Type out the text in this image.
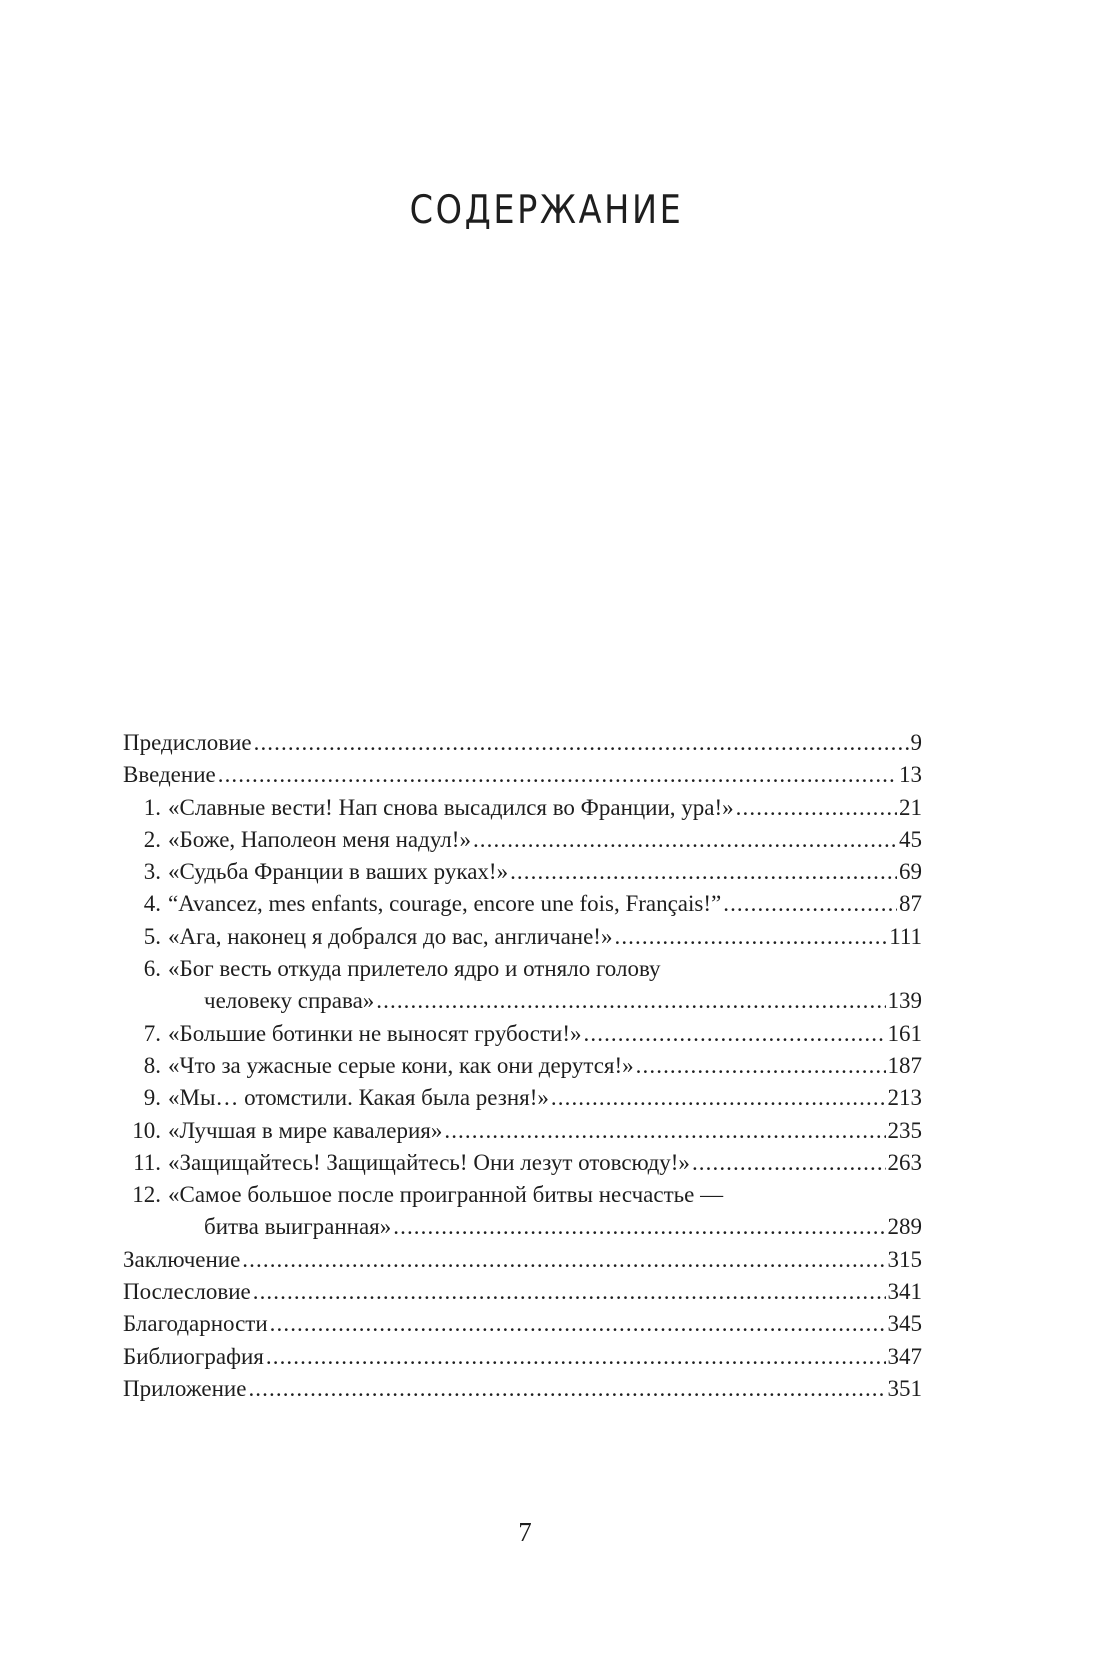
СОДЕРЖАНИЕ
Предисловие .....	9
Введение .....	13
1. «Славные вести! Нап снова высадился во Франции, ура!» .....	21
2. «Боже, Наполеон меня надул!» .....	45
3. «Судьба Франции в ваших руках!» .....	69
4. “Avancez, mes enfants, courage, encore une fois, Français!” .....	87
5. «Ага, наконец я добрался до вас, англичане!» .....	111
6. «Бог весть откуда прилетело ядро и отняло голову
человеку справа» .....	139
7. «Большие ботинки не выносят грубости!» .....	161
8. «Что за ужасные серые кони, как они дерутся!» .....	187
9. «Мы… отомстили. Какая была резня!» .....	213
10. «Лучшая в мире кавалерия» .....	235
11. «Защищайтесь! Защищайтесь! Они лезут отовсюду!» .....	263
12. «Самое большое после проигранной битвы несчастье —
битва выигранная» .....	289
Заключение .....	315
Послесловие .....	341
Благодарности .....	345
Библиография .....	347
Приложение .....	351
7
